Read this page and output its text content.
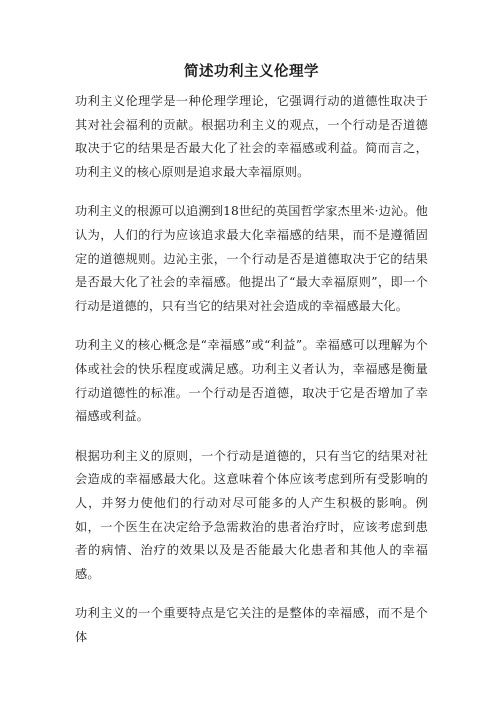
简述功利主义伦理学

功利主义伦理学是一种伦理学理论，它强调行动的道德性取决于其对社会福利的贡献。根据功利主义的观点，一个行动是否道德取决于它的结果是否最大化了社会的幸福感或利益。简而言之，功利主义的核心原则是追求最大幸福原则。

功利主义的根源可以追溯到18世纪的英国哲学家杰里米·边沁。他认为，人们的行为应该追求最大化幸福感的结果，而不是遵循固定的道德规则。边沁主张，一个行动是否是道德取决于它的结果是否最大化了社会的幸福感。他提出了“最大幸福原则”，即一个行动是道德的，只有当它的结果对社会造成的幸福感最大化。

功利主义的核心概念是“幸福感”或“利益”。幸福感可以理解为个体或社会的快乐程度或满足感。功利主义者认为，幸福感是衡量行动道德性的标准。一个行动是否道德，取决于它是否增加了幸福感或利益。

根据功利主义的原则，一个行动是道德的，只有当它的结果对社会造成的幸福感最大化。这意味着个体应该考虑到所有受影响的人，并努力使他们的行动对尽可能多的人产生积极的影响。例如，一个医生在决定给予急需救治的患者治疗时，应该考虑到患者的病情、治疗的效果以及是否能最大化患者和其他人的幸福感。

功利主义的一个重要特点是它关注的是整体的幸福感，而不是个体
